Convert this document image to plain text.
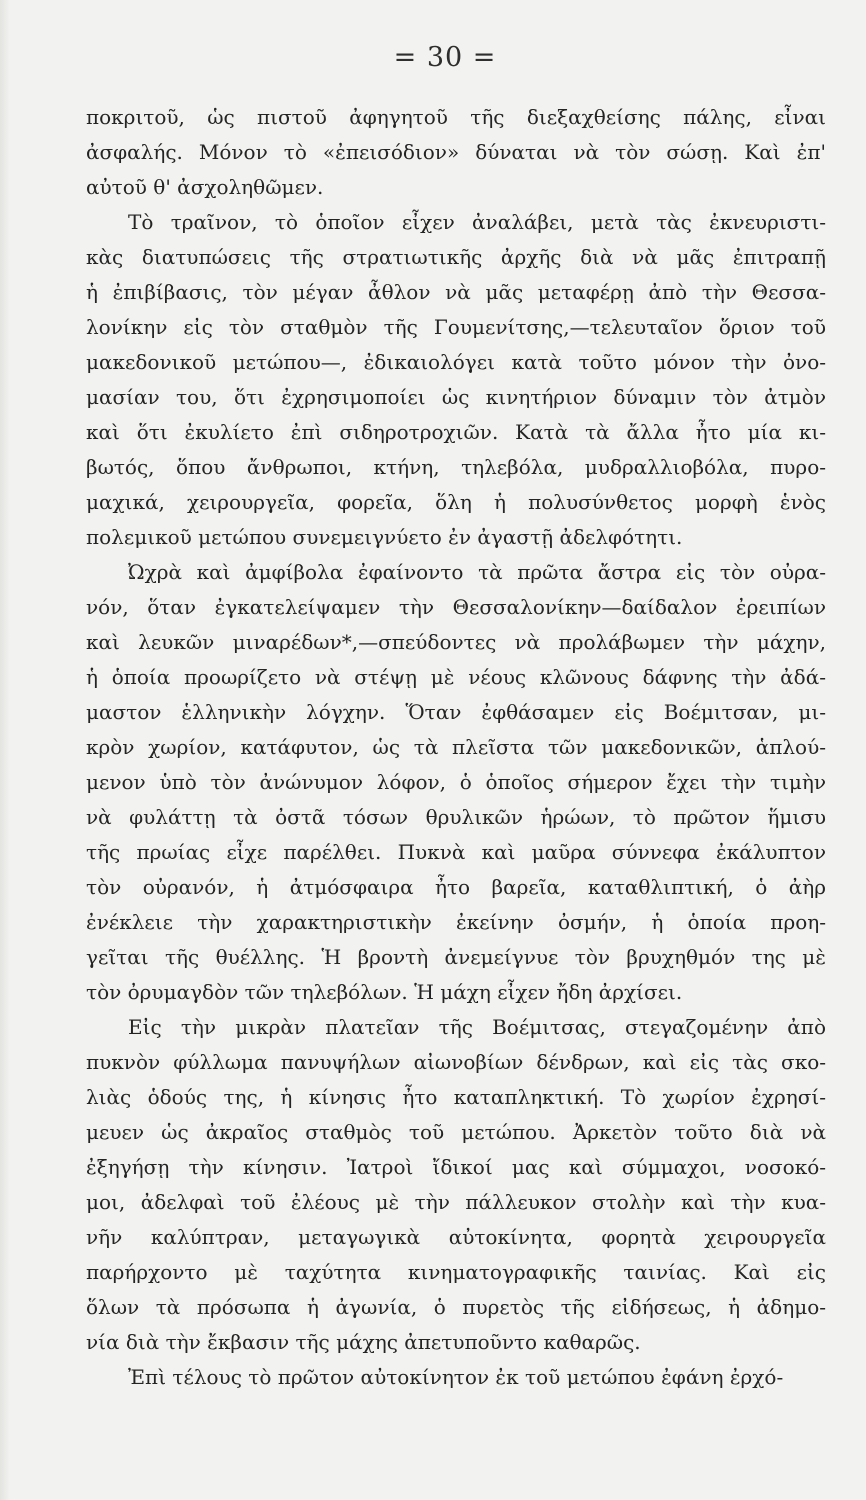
= 30 =
ποκριτοῦ, ὡς πιστοῦ ἀφηγητοῦ τῆς διεξαχθείσης πάλης, εἶναι
ἀσφαλής. Μόνον τὸ «ἐπεισόδιον» δύναται νὰ τὸν σώσῃ. Καὶ ἐπ'
αὐτοῦ θ' ἀσχοληθῶμεν.
Τὸ τραῖνον, τὸ ὁποῖον εἶχεν ἀναλάβει, μετὰ τὰς ἐκνευριστι-
κὰς διατυπώσεις τῆς στρατιωτικῆς ἀρχῆς διὰ νὰ μᾶς ἐπιτραπῇ
ἡ ἐπιβίβασις, τὸν μέγαν ἆθλον νὰ μᾶς μεταφέρῃ ἀπὸ τὴν Θεσσα-
λονίκην εἰς τὸν σταθμὸν τῆς Γουμενίτσης,—τελευταῖον ὅριον τοῦ
μακεδονικοῦ μετώπου—, ἐδικαιολόγει κατὰ τοῦτο μόνον τὴν ὀνο-
μασίαν του, ὅτι ἐχρησιμοποίει ὡς κινητήριον δύναμιν τὸν ἀτμὸν
καὶ ὅτι ἐκυλίετο ἐπὶ σιδηροτροχιῶν. Κατὰ τὰ ἄλλα ἦτο μία κι-
βωτός, ὅπου ἄνθρωποι, κτήνη, τηλεβόλα, μυδραλλιοβόλα, πυρο-
μαχικά, χειρουργεῖα, φορεῖα, ὅλη ἡ πολυσύνθετος μορφὴ ἑνὸς
πολεμικοῦ μετώπου συνεμειγνύετο ἐν ἀγαστῇ ἀδελφότητι.
Ὠχρὰ καὶ ἀμφίβολα ἐφαίνοντο τὰ πρῶτα ἄστρα εἰς τὸν οὐρα-
νόν, ὅταν ἐγκατελείψαμεν τὴν Θεσσαλονίκην—δαίδαλον ἐρειπίων
καὶ λευκῶν μιναρέδων*,—σπεύδοντες νὰ προλάβωμεν τὴν μάχην,
ἡ ὁποία προωρίζετο νὰ στέψῃ μὲ νέους κλῶνους δάφνης τὴν ἀδά-
μαστον ἑλληνικὴν λόγχην. Ὅταν ἐφθάσαμεν εἰς Βοέμιτσαν, μι-
κρὸν χωρίον, κατάφυτον, ὡς τὰ πλεῖστα τῶν μακεδονικῶν, ἁπλού-
μενον ὑπὸ τὸν ἀνώνυμον λόφον, ὁ ὁποῖος σήμερον ἔχει τὴν τιμὴν
νὰ φυλάττῃ τὰ ὀστᾶ τόσων θρυλικῶν ἡρώων, τὸ πρῶτον ἥμισυ
τῆς πρωίας εἶχε παρέλθει. Πυκνὰ καὶ μαῦρα σύννεφα ἐκάλυπτον
τὸν οὐρανόν, ἡ ἀτμόσφαιρα ἦτο βαρεῖα, καταθλιπτική, ὁ ἀὴρ
ἐνέκλειε τὴν χαρακτηριστικὴν ἐκείνην ὀσμήν, ἡ ὁποία προη-
γεῖται τῆς θυέλλης. Ἡ βροντὴ ἀνεμείγνυε τὸν βρυχηθμόν της μὲ
τὸν ὀρυμαγδὸν τῶν τηλεβόλων. Ἡ μάχη εἶχεν ἤδη ἀρχίσει.
Εἰς τὴν μικρὰν πλατεῖαν τῆς Βοέμιτσας, στεγαζομένην ἀπὸ
πυκνὸν φύλλωμα πανυψήλων αἰωνοβίων δένδρων, καὶ εἰς τὰς σκο-
λιὰς ὁδούς της, ἡ κίνησις ἦτο καταπληκτική. Τὸ χωρίον ἐχρησί-
μευεν ὡς ἀκραῖος σταθμὸς τοῦ μετώπου. Ἀρκετὸν τοῦτο διὰ νὰ
ἐξηγήσῃ τὴν κίνησιν. Ἰατροὶ ἴδικοί μας καὶ σύμμαχοι, νοσοκό-
μοι, ἀδελφαὶ τοῦ ἐλέους μὲ τὴν πάλλευκον στολὴν καὶ τὴν κυα-
νῆν καλύπτραν, μεταγωγικὰ αὐτοκίνητα, φορητὰ χειρουργεῖα
παρήρχοντο μὲ ταχύτητα κινηματογραφικῆς ταινίας. Καὶ εἰς
ὅλων τὰ πρόσωπα ἡ ἀγωνία, ὁ πυρετὸς τῆς εἰδήσεως, ἡ ἀδημο-
νία διὰ τὴν ἔκβασιν τῆς μάχης ἀπετυποῦντο καθαρῶς.
Ἐπὶ τέλους τὸ πρῶτον αὐτοκίνητον ἐκ τοῦ μετώπου ἐφάνη ἐρχό-
